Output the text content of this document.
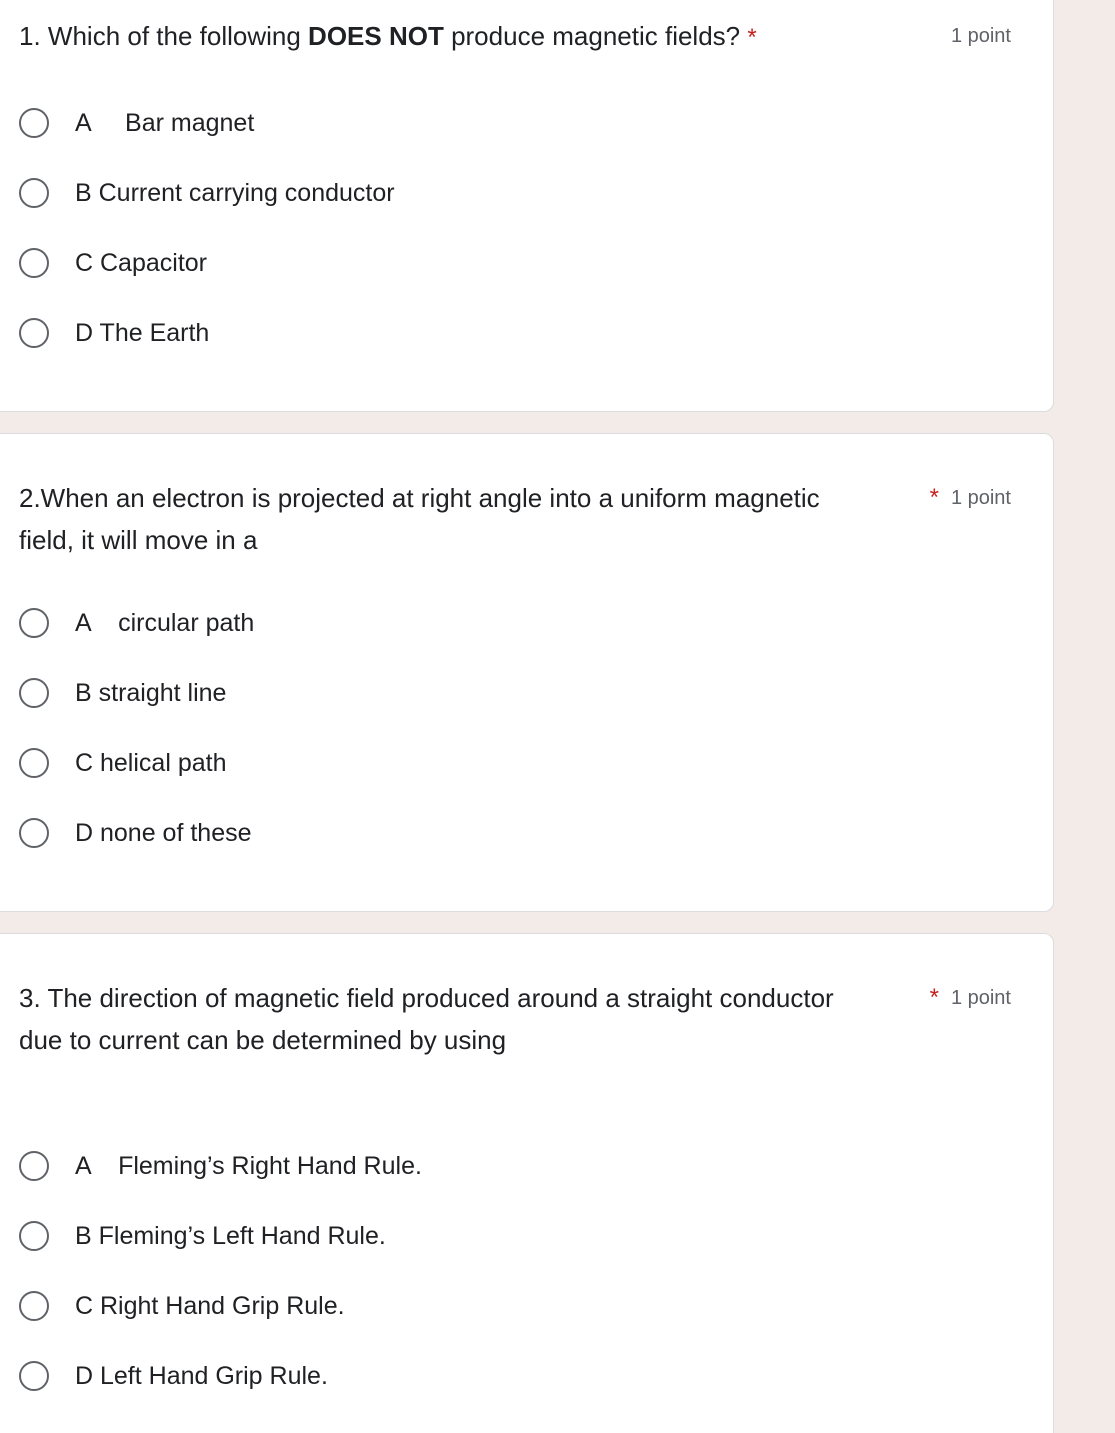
1. Which of the following DOES NOT produce magnetic fields? *	1 point
A     Bar magnet
B Current carrying conductor
C Capacitor
D The Earth
2.When an electron is projected at right angle into a uniform magnetic field, it will move in a
* 1 point
A    circular path
B straight line
C helical path
D none of these
3. The direction of magnetic field produced around a straight conductor due to current can be determined by using
* 1 point
A    Fleming’s Right Hand Rule.
B Fleming’s Left Hand Rule.
C Right Hand Grip Rule.
D Left Hand Grip Rule.
